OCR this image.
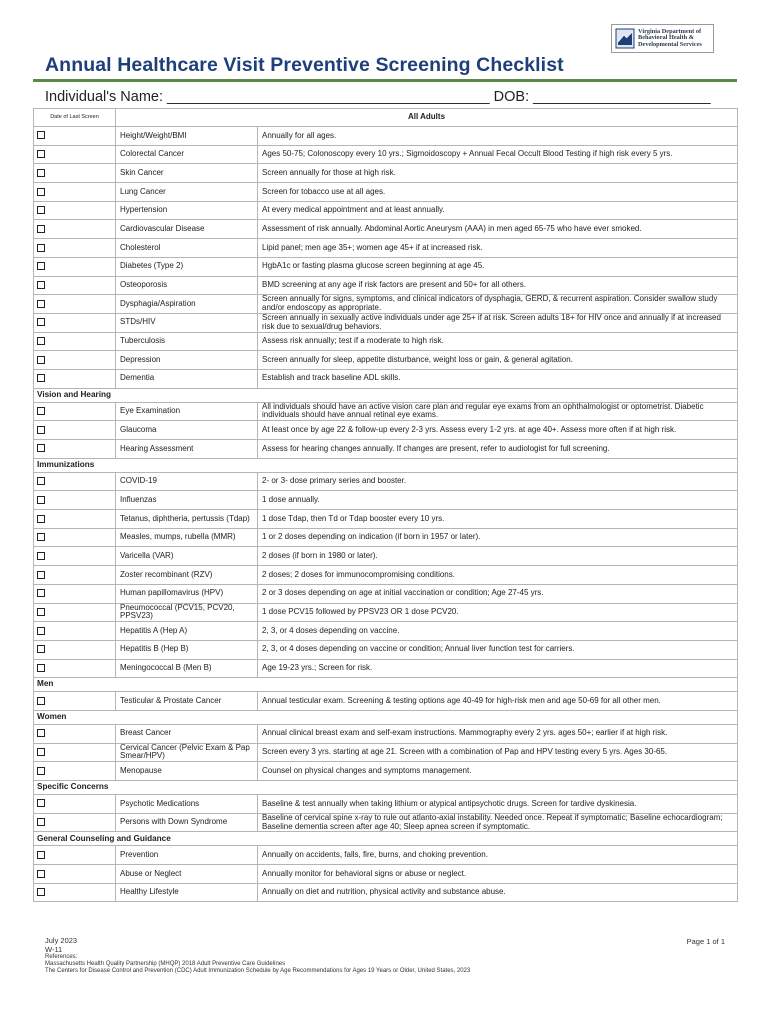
Virginia Department of
Behavioral Health &
Developmental Services
Annual Healthcare Visit Preventive Screening Checklist
Individual's Name: ________________________________________ DOB: ______________________
Date of Last Screen	All Adults	
	Height/Weight/BMI	Annually for all ages.
	Colorectal Cancer	Ages 50-75; Colonoscopy every 10 yrs.; Sigmoidoscopy + Annual Fecal Occult Blood Testing if high risk every 5 yrs.
	Skin Cancer	Screen annually for those at high risk.
	Lung Cancer	Screen for tobacco use at all ages.
	Hypertension	At every medical appointment and at least annually.
	Cardiovascular Disease	Assessment of risk annually. Abdominal Aortic Aneurysm (AAA) in men aged 65-75 who have ever smoked.
	Cholesterol	Lipid panel; men age 35+; women age 45+ if at increased risk.
	Diabetes (Type 2)	HgbA1c or fasting plasma glucose screen beginning at age 45.
	Osteoporosis	BMD screening at any age if risk factors are present and 50+ for all others.
	Dysphagia/Aspiration	Screen annually for signs, symptoms, and clinical indicators of dysphagia, GERD, & recurrent aspiration. Consider swallow study and/or endoscopy as appropriate.
	STDs/HIV	Screen annually in sexually active individuals under age 25+ if at risk. Screen adults 18+ for HIV once and annually if at increased risk due to sexual/drug behaviors.
	Tuberculosis	Assess risk annually; test if a moderate to high risk.
	Depression	Screen annually for sleep, appetite disturbance, weight loss or gain, & general agitation.
	Dementia	Establish and track baseline ADL skills.
Vision and Hearing		
	Eye Examination	All individuals should have an active vision care plan and regular eye exams from an ophthalmologist or optometrist. Diabetic individuals should have annual retinal eye exams.
	Glaucoma	At least once by age 22 & follow-up every 2-3 yrs. Assess every 1-2 yrs. at age 40+. Assess more often if at high risk.
	Hearing Assessment	Assess for hearing changes annually. If changes are present, refer to audiologist for full screening.
Immunizations		
	COVID-19	2- or 3- dose primary series and booster.
	Influenzas	1 dose annually.
	Tetanus, diphtheria, pertussis (Tdap)	1 dose Tdap, then Td or Tdap booster every 10 yrs.
	Measles, mumps, rubella (MMR)	1 or 2 doses depending on indication (if born in 1957 or later).
	Varicella (VAR)	2 doses (if born in 1980 or later).
	Zoster recombinant (RZV)	2 doses; 2 doses for immunocompromising conditions.
	Human papillomavirus (HPV)	2 or 3 doses depending on age at initial vaccination or condition; Age 27-45 yrs.
	Pneumococcal (PCV15, PCV20, PPSV23)	1 dose PCV15 followed by PPSV23 OR 1 dose PCV20.
	Hepatitis A (Hep A)	2, 3, or 4 doses depending on vaccine.
	Hepatitis B (Hep B)	2, 3, or 4 doses depending on vaccine or condition; Annual liver function test for carriers.
	Meningococcal B (Men B)	Age 19-23 yrs.; Screen for risk.
Men		
	Testicular & Prostate Cancer	Annual testicular exam. Screening & testing options age 40-49 for high-risk men and age 50-69 for all other men.
Women		
	Breast Cancer	Annual clinical breast exam and self-exam instructions. Mammography every 2 yrs. ages 50+; earlier if at high risk.
	Cervical Cancer (Pelvic Exam & Pap Smear/HPV)	Screen every 3 yrs. starting at age 21. Screen with a combination of Pap and HPV testing every 5 yrs. Ages 30-65.
	Menopause	Counsel on physical changes and symptoms management.
Specific Concerns		
	Psychotic Medications	Baseline & test annually when taking lithium or atypical antipsychotic drugs. Screen for tardive dyskinesia.
	Persons with Down Syndrome	Baseline of cervical spine x-ray to rule out atlanto-axial instability. Needed once. Repeat if symptomatic; Baseline echocardiogram; Baseline dementia screen after age 40; Sleep apnea screen if symptomatic.
General Counseling and Guidance		
	Prevention	Annually on accidents, falls, fire, burns, and choking prevention.
	Abuse or Neglect	Annually monitor for behavioral signs or abuse or neglect.
	Healthy Lifestyle	Annually on diet and nutrition, physical activity and substance abuse.
July 2023
W-11
References:
Massachusetts Health Quality Partnership (MHQP) 2018 Adult Preventive Care Guidelines
The Centers for Disease Control and Prevention (CDC) Adult Immunization Schedule by Age Recommendations for Ages 19 Years or Older, United States, 2023
Page 1 of 1
